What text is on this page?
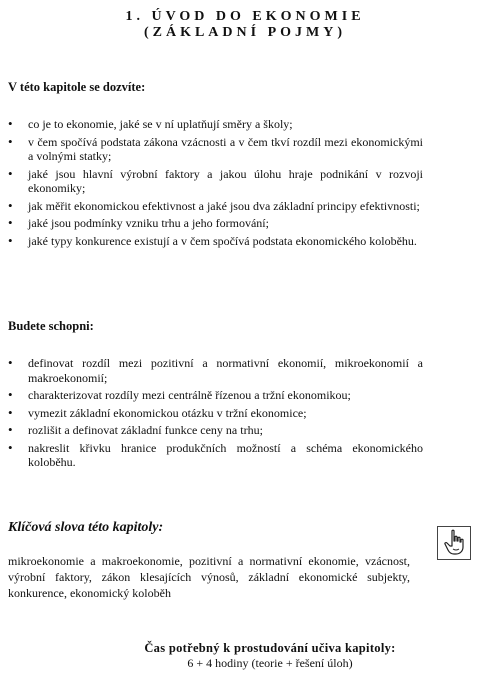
1. ÚVOD DO EKONOMIE
(ZÁKLADNÍ POJMY)
V této kapitole se dozvíte:
• co je to ekonomie, jaké se v ní uplatňují směry a školy;
• v čem spočívá podstata zákona vzácnosti a v čem tkví rozdíl mezi ekonomickými a volnými statky;
• jaké jsou hlavní výrobní faktory a jakou úlohu hraje podnikání v rozvoji ekonomiky;
• jak měřit ekonomickou efektivnost a jaké jsou dva základní principy efektivnosti;
• jaké jsou podmínky vzniku trhu a jeho formování;
• jaké typy konkurence existují a v čem spočívá podstata ekonomického koloběhu.
Budete schopni:
• definovat rozdíl mezi pozitivní a normativní ekonomií, mikroekonomií a makroekonomií;
• charakterizovat rozdíly mezi centrálně řízenou a tržní ekonomikou;
• vymezit základní ekonomickou otázku v tržní ekonomice;
• rozlišit a definovat základní funkce ceny na trhu;
• nakreslit křivku hranice produkčních možností a schéma ekonomického koloběhu.
Klíčová slova této kapitoly:

mikroekonomie a makroekonomie, pozitivní a normativní ekonomie, vzácnost, výrobní faktory, zákon klesajících výnosů, základní ekonomické subjekty, konkurence, ekonomický koloběh

Čas potřebný k prostudování učiva kapitoly:
6 + 4 hodiny (teorie + řešení úloh)
